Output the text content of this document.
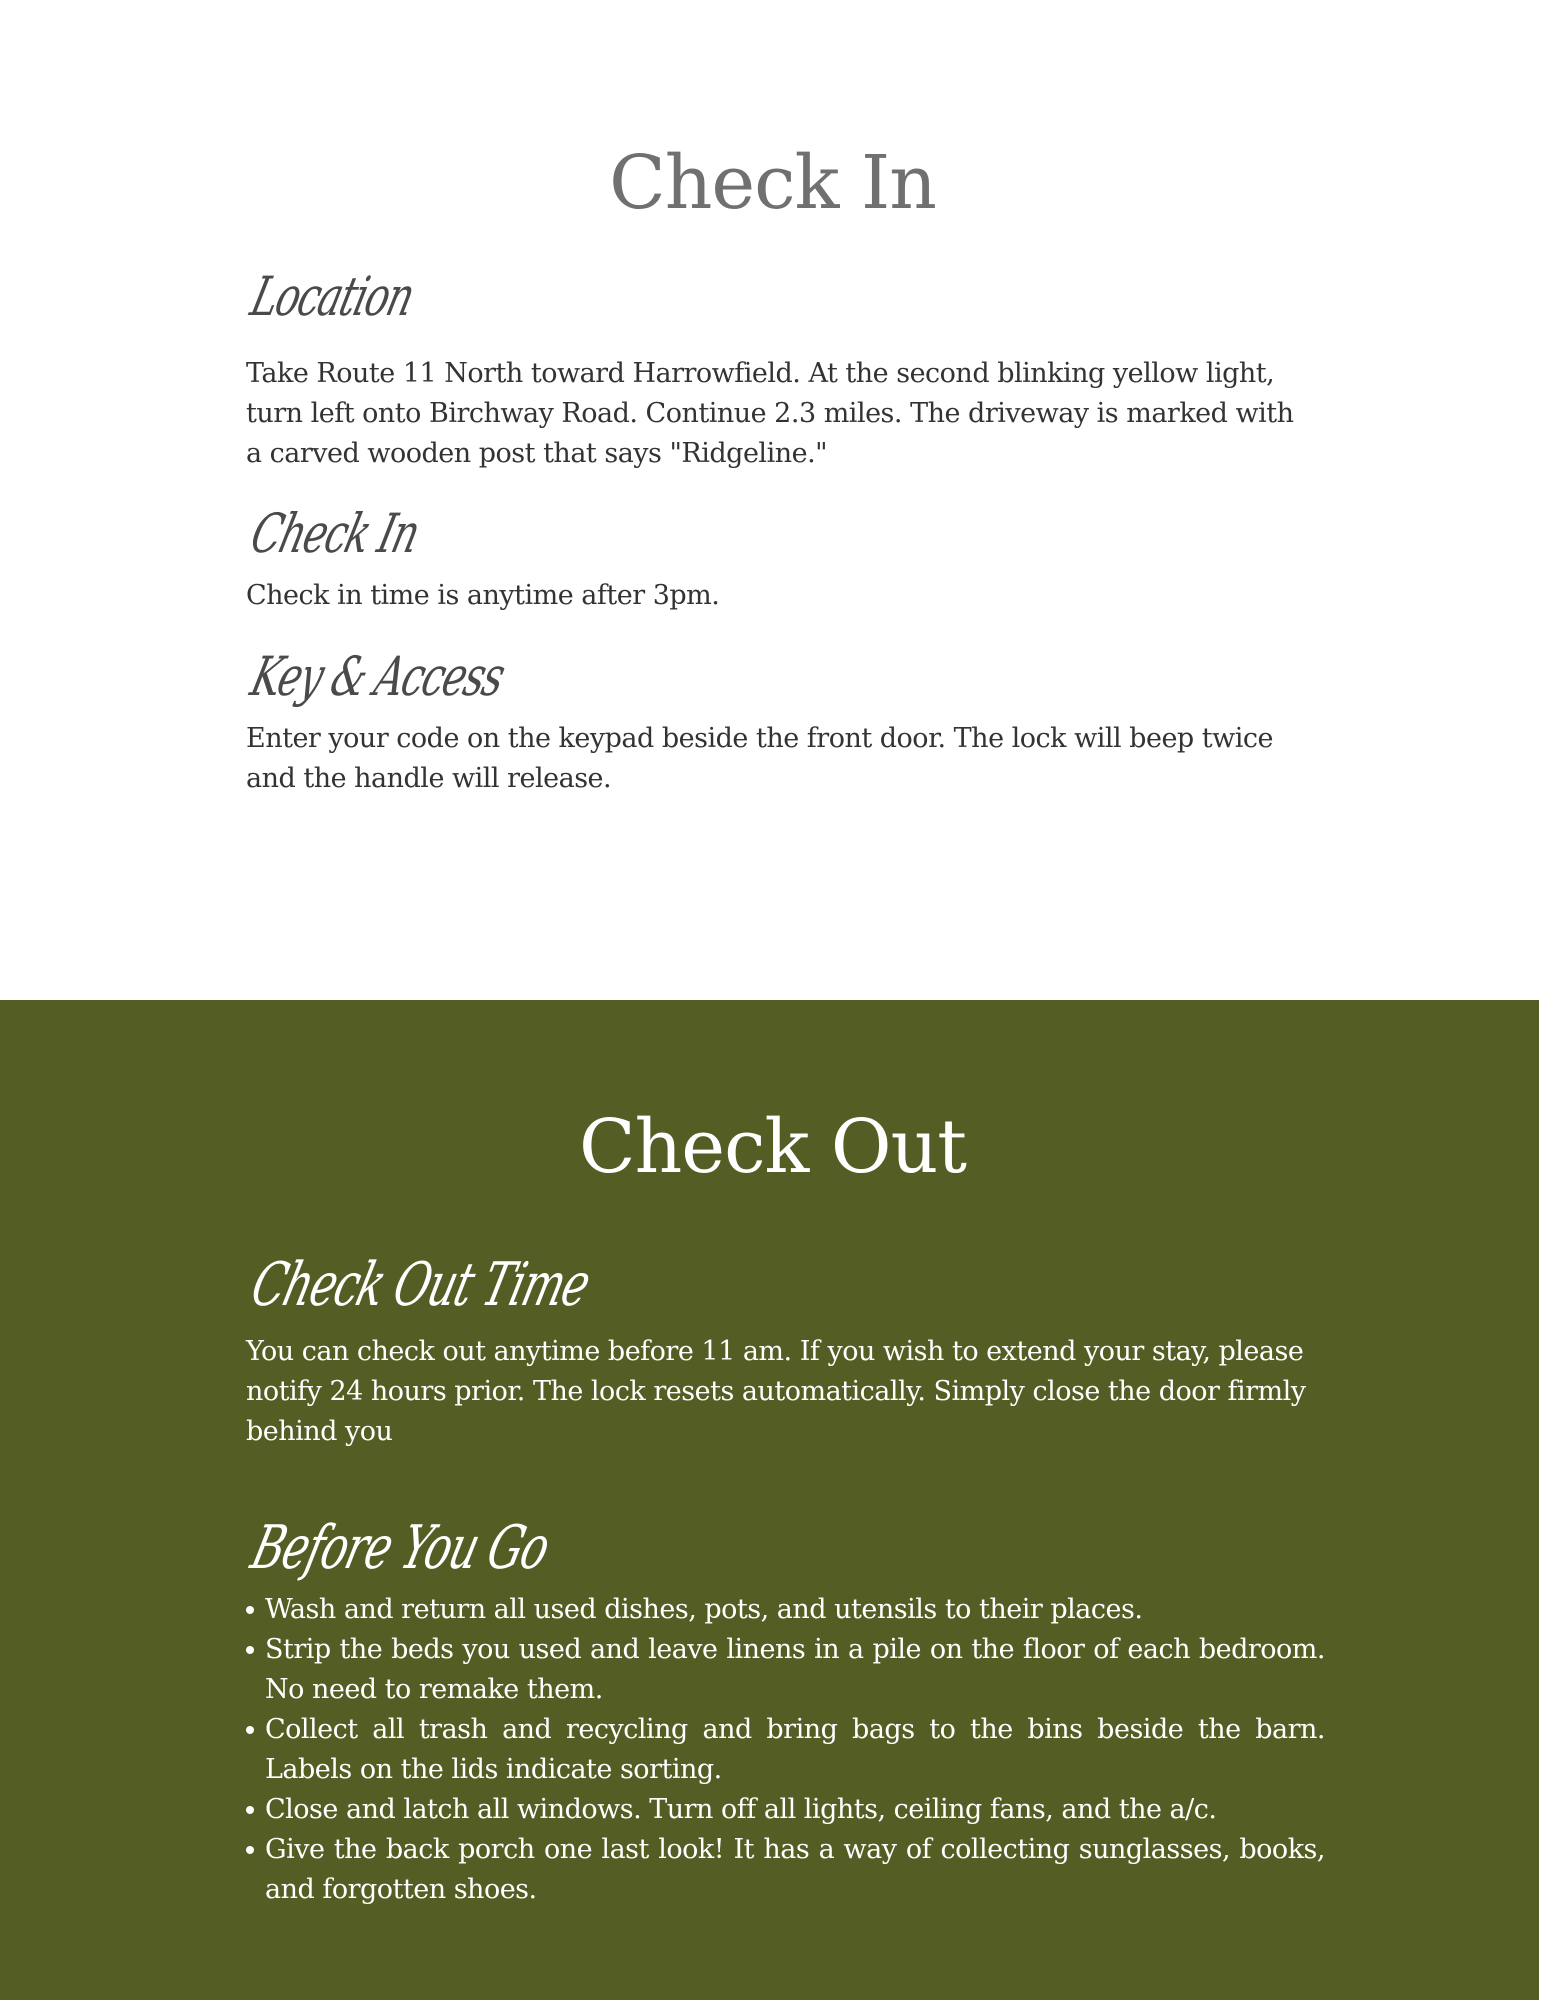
Check In
Location

Take Route 11 North toward Harrowfield. At the second blinking yellow light, turn left onto Birchway Road. Continue 2.3 miles. The driveway is marked with a carved wooden post that says "Ridgeline."

Check In

Check in time is anytime after 3pm.

Key & Access

Enter your code on the keypad beside the front door. The lock will beep twice and the handle will release.

Check Out
Check Out Time

You can check out anytime before 11 am. If you wish to extend your stay, please notify 24 hours prior. The lock resets automatically. Simply close the door firmly behind you

Before You Go
Wash and return all used dishes, pots, and utensils to their places.
Strip the beds you used and leave linens in a pile on the floor of each bedroom. No need to remake them.
Collect all trash and recycling and bring bags to the bins beside the barn. Labels on the lids indicate sorting.
Close and latch all windows. Turn off all lights, ceiling fans, and the a/c.
Give the back porch one last look! It has a way of collecting sunglasses, books, and forgotten shoes.
